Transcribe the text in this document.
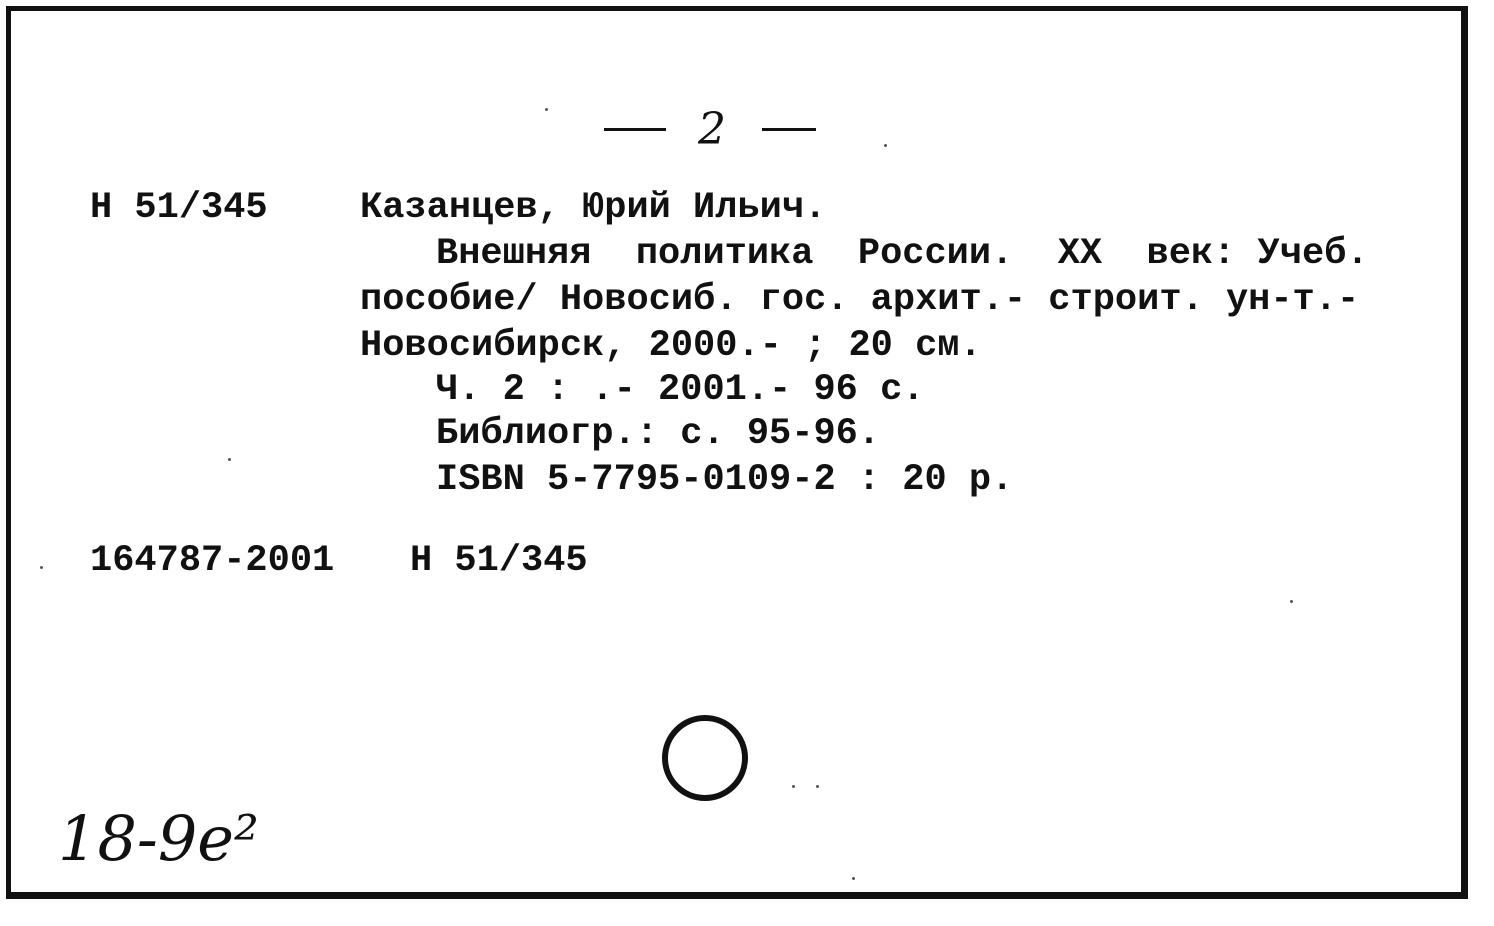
2
H 51/345 Казанцев, Юрий Ильич.
Внешняя  политика  России.  XX  век: Учеб.
пособие/ Новосиб. гос. архит.- строит. ун-т.-
Новосибирск, 2000.- ; 20 см.
Ч. 2 : .- 2001.- 96 с.
Библиогр.: с. 95-96.
ISBN 5-7795-0109-2 : 20 р.
164787-2001 H 51/345
18-9е²
